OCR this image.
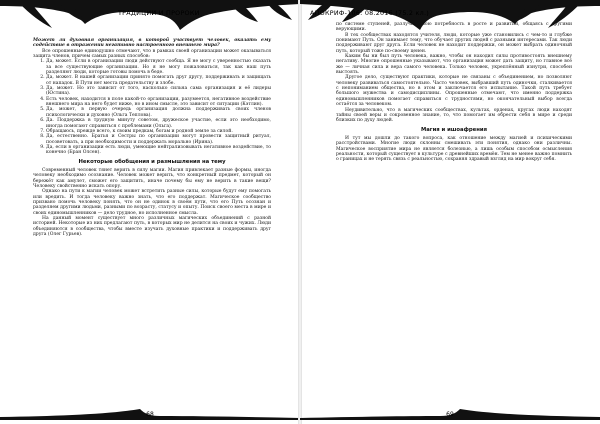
ТРАДИЦИИ И ПРОРОКИ

Может ли духовная организация, в которой участвует человек, оказать ему содействие в отражении негативно настроенного внешнего мира?

Все опрошенные единодушно отмечают, что в рамках своей организации может оказываться защита членов, причем самых разных способов:

1. Да, может. Если в организации люди действуют сообща. Я не могу с уверенностью сказать за все существующие организации. Но я не могу пожаловаться, так как наш путь разделяют люди, которые готовы помочь в беде.
2. Да, может. В нашей организации принято помогать друг другу, поддерживать и защищать от нападок. В Пути нет места предательству и злобе.
3. Да, может. Но это зависит от того, насколько сильна сама организация и её лидеры (Юстина).
4. Есть человек, находится в поле какой-то организации, разумеется, негативное воздействие внешнего мира на него будет ниже, но в ином смысле, это зависит от ситуации (Кэтлин).
5. Да, может, в первую очередь организация должна поддерживать своих членов психологически и духовно (Ольга Теплова).
6. Да. Поддержка в трудную минуту советом, дружеское участие, если это необходимо, иногда помогают справиться с проблемами (Ольга).
7. Обращаюсь, прежде всего, к своим предкам, богам и родной земле за силой.
8. Да, естественно. Братья и Сестры по организации могут провести защитный ритуал, посоветовать, а при необходимости и поддержать морально (Ирина).
9. Да, если в организации есть люди, умеющие нейтрализовывать негативное воздействие, то конечно (Бран Олсен).
Некоторые обобщения и размышления на тему

Современный человек тянет верить в силу магии. Магия привлекает разные формы, иногда человеку необходимо осознание. Человек может верить, что конкретный предмет, который он бережёт как амулет, сможет его защитить, иначе почему бы ему не верить в такие вещи? Человеку свойственно искать опору.

Однако на пути к магии человек может встретить разные силы, которые будут ему помогать или вредить. И тогда человеку важно знать, что его поддержат. Магическое сообщество призвано помочь человеку понять, что он не одинок в своём пути, что его Путь осознан и разделяем другими людьми, разными по возрасту, статусу и опыту. Поиск своего места в мире и своих единомышленников — дело трудное, но исполненное смысла.

На данный момент существует много различных магических объединений с разной историей. Некоторые из них предлагают путь, в которых мир не делится на своих и чужих. Люди объединяются в сообщества, чтобы вместе изучать духовные практики и поддерживать друг друга (Олег Гурьев).

68
АПОКРИФ-106: 08.2016 (75.2 кл.)

по системе ступеней, разлучно свою потребность в росте и развитии, общаясь с другими верующими.

В тех сообществах находятся учителя, люди, которые уже становились с чем-то и глубже понимают Путь. Он занимает тему, что обучает других людей с разными интересами. Так люди поддерживают друг друга. Если человек не находит поддержки, он может выбрать одиночный путь, который тоже по-своему ценен.

Каким бы ни был путь человека, важно, чтобы он находил силы противостоять внешнему негативу. Многие опрошенные указывают, что организация может дать защиту, но главное всё же — личная сила и вера самого человека. Только человек, укреплённый изнутри, способен выстоять.

Другое дело, существуют практики, которые не связаны с объединением, но позволяют человеку развиваться самостоятельно. Часто человек, выбравший путь одиночки, сталкивается с непониманием общества, но в этом и заключается его испытание. Такой путь требует большого мужества и самодисциплины. Опрошенные отмечают, что именно поддержка единомышленников помогает справиться с трудностями, но окончательный выбор всегда остаётся за человеком.

Неудивительно, что в магических сообществах, культах, орденах, кругах люди находят тайны своей веры и сокровенное знание, то, что помогает им обрести себя в мире и среди близких по духу людей.

Магия и ишоафрения

И тут мы дошли до такого вопроса, как отношение между магией и психическими расстройствами. Многие люди склонны смешивать эти понятия, однако они различны. Магическое восприятие мира не является болезнью, а лишь особым способом осмысления реальности, который существует в культуре с древнейших времён. Тем не менее важно помнить о границах и не терять связь с реальностью, сохраняя здравый взгляд на мир вокруг себя.

69
